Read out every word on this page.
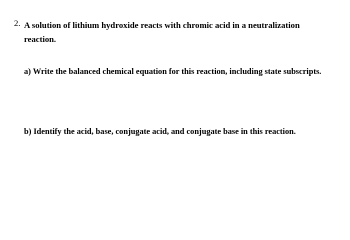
2. A solution of lithium hydroxide reacts with chromic acid in a neutralization reaction.
a) Write the balanced chemical equation for this reaction, including state subscripts.
b) Identify the acid, base, conjugate acid, and conjugate base in this reaction.
